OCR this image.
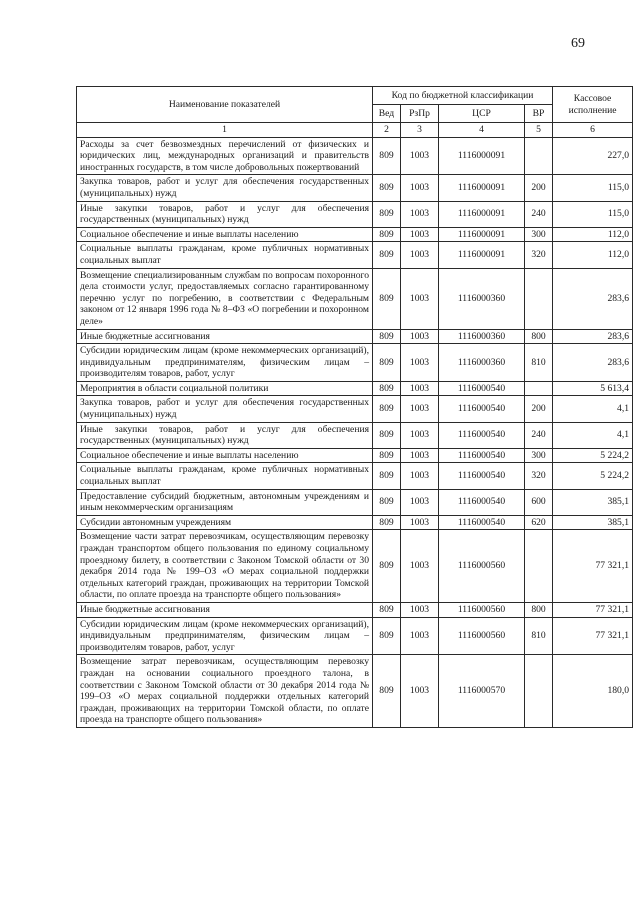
69
Наименование показателей	Код по бюджетной классификации				Кассовое исполнение
	Вед	РзПр	ЦСР	ВР	
1	2	3	4	5	6
Расходы за счет безвозмездных перечислений от физических и юридических лиц, международных организаций и правительств иностранных государств, в том числе добровольных пожертвований	809	1003	1116000091		227,0
Закупка товаров, работ и услуг для обеспечения государственных (муниципальных) нужд	809	1003	1116000091	200	115,0
Иные закупки товаров, работ и услуг для обеспечения государственных (муниципальных) нужд	809	1003	1116000091	240	115,0
Социальное обеспечение и иные выплаты населению	809	1003	1116000091	300	112,0
Социальные выплаты гражданам, кроме публичных нормативных социальных выплат	809	1003	1116000091	320	112,0
Возмещение специализированным службам по вопросам похоронного дела стоимости услуг, предоставляемых согласно гарантированному перечню услуг по погребению, в соответствии с Федеральным законом от 12 января 1996 года № 8–ФЗ «О погребении и похоронном деле»	809	1003	1116000360		283,6
Иные бюджетные ассигнования	809	1003	1116000360	800	283,6
Субсидии юридическим лицам (кроме некоммерческих организаций), индивидуальным предпринимателям, физическим лицам – производителям товаров, работ, услуг	809	1003	1116000360	810	283,6
Мероприятия в области социальной политики	809	1003	1116000540		5 613,4
Закупка товаров, работ и услуг для обеспечения государственных (муниципальных) нужд	809	1003	1116000540	200	4,1
Иные закупки товаров, работ и услуг для обеспечения государственных (муниципальных) нужд	809	1003	1116000540	240	4,1
Социальное обеспечение и иные выплаты населению	809	1003	1116000540	300	5 224,2
Социальные выплаты гражданам, кроме публичных нормативных социальных выплат	809	1003	1116000540	320	5 224,2
Предоставление субсидий бюджетным, автономным учреждениям и иным некоммерческим организациям	809	1003	1116000540	600	385,1
Субсидии автономным учреждениям	809	1003	1116000540	620	385,1
Возмещение части затрат перевозчикам, осуществляющим перевозку граждан транспортом общего пользования по единому социальному проездному билету, в соответствии с Законом Томской области от 30 декабря 2014 года № 199–ОЗ «О мерах социальной поддержки отдельных категорий граждан, проживающих на территории Томской области, по оплате проезда на транспорте общего пользования»	809	1003	1116000560		77 321,1
Иные бюджетные ассигнования	809	1003	1116000560	800	77 321,1
Субсидии юридическим лицам (кроме некоммерческих организаций), индивидуальным предпринимателям, физическим лицам – производителям товаров, работ, услуг	809	1003	1116000560	810	77 321,1
Возмещение затрат перевозчикам, осуществляющим перевозку граждан на основании социального проездного талона, в соответствии с Законом Томской области от 30 декабря 2014 года № 199–ОЗ «О мерах социальной поддержки отдельных категорий граждан, проживающих на территории Томской области, по оплате проезда на транспорте общего пользования»	809	1003	1116000570		180,0
